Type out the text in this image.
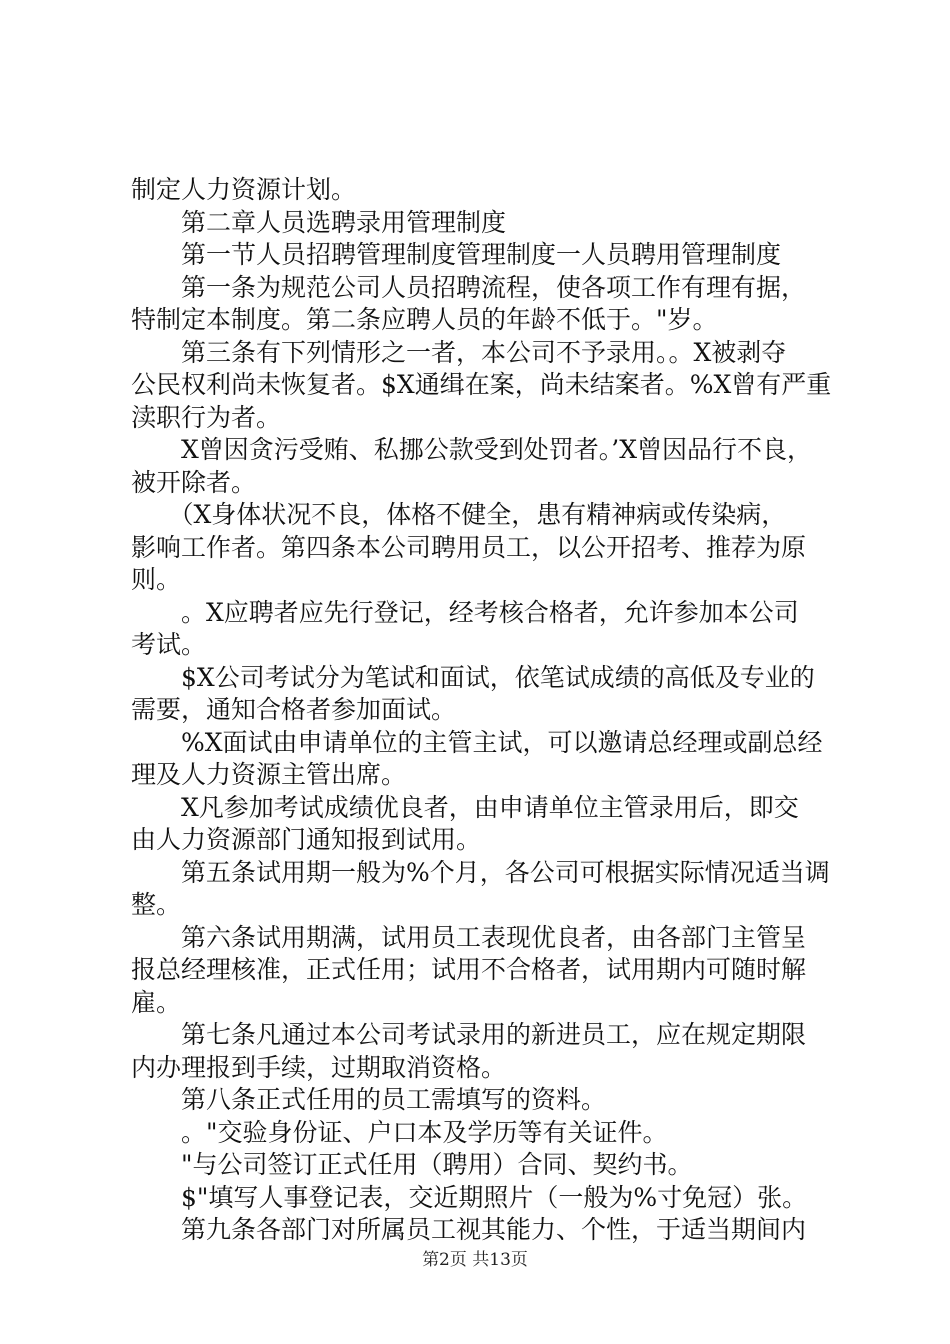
制定人力资源计划。
　　第二章人员选聘录用管理制度
　　第一节人员招聘管理制度管理制度一人员聘用管理制度
　　第一条为规范公司人员招聘流程，使各项工作有理有据，
特制定本制度。第二条应聘人员的年龄不低于。"岁。
　　第三条有下列情形之一者，本公司不予录用。。X被剥夺
公民权利尚未恢复者。$X通缉在案，尚未结案者。%X曾有严重
渎职行为者。
　　X曾因贪污受贿、私挪公款受到处罚者。’X曾因品行不良，
被开除者。
　　（X身体状况不良，体格不健全，患有精神病或传染病，
影响工作者。第四条本公司聘用员工，以公开招考、推荐为原
则。
　　。X应聘者应先行登记，经考核合格者，允许参加本公司
考试。
　　$X公司考试分为笔试和面试，依笔试成绩的高低及专业的
需要，通知合格者参加面试。
　　%X面试由申请单位的主管主试，可以邀请总经理或副总经
理及人力资源主管出席。
　　X凡参加考试成绩优良者，由申请单位主管录用后，即交
由人力资源部门通知报到试用。
　　第五条试用期一般为%个月，各公司可根据实际情况适当调
整。
　　第六条试用期满，试用员工表现优良者，由各部门主管呈
报总经理核准，正式任用；试用不合格者，试用期内可随时解
雇。
　　第七条凡通过本公司考试录用的新进员工，应在规定期限
内办理报到手续，过期取消资格。
　　第八条正式任用的员工需填写的资料。
　　。"交验身份证、户口本及学历等有关证件。
　　"与公司签订正式任用（聘用）合同、契约书。
　　$"填写人事登记表，交近期照片（一般为%寸免冠）张。
　　第九条各部门对所属员工视其能力、个性，于适当期间内
第2页 共13页
